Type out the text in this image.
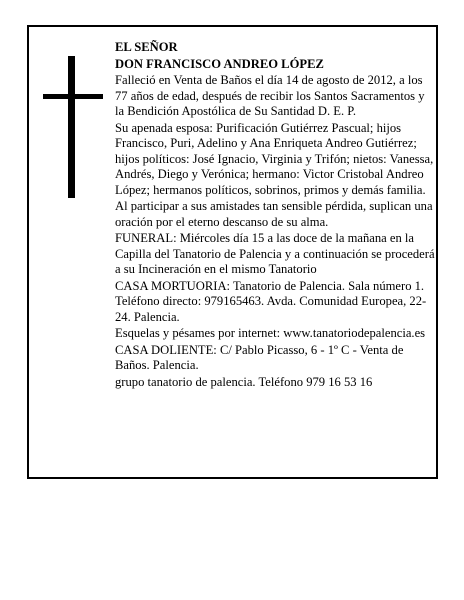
EL SEÑOR

DON FRANCISCO ANDREO LÓPEZ

Falleció en Venta de Baños el día 14 de agosto de 2012, a los 77 años de edad, después de recibir los Santos Sacramentos y la Bendición Apostólica de Su Santidad D. E. P.

Su apenada esposa: Purificación Gutiérrez Pascual; hijos Francisco, Puri, Adelino y Ana Enriqueta Andreo Gutiérrez; hijos políticos: José Ignacio, Virginia y Trifón; nietos: Vanessa, Andrés, Diego y Verónica; hermano: Victor Cristobal Andreo López; hermanos políticos, sobrinos, primos y demás familia.

Al participar a sus amistades tan sensible pérdida, suplican una oración por el eterno descanso de su alma.

FUNERAL: Miércoles día 15 a las doce de la mañana en la Capilla del Tanatorio de Palencia y a continuación se procederá a su Incineración en el mismo Tanatorio

CASA MORTUORIA: Tanatorio de Palencia. Sala número 1. Teléfono directo: 979165463. Avda. Comunidad Europea, 22-24. Palencia.

Esquelas y pésames por internet: www.tanatoriodepalencia.es

CASA DOLIENTE: C/ Pablo Picasso, 6 - 1º C - Venta de Baños. Palencia.

grupo tanatorio de palencia. Teléfono 979 16 53 16
